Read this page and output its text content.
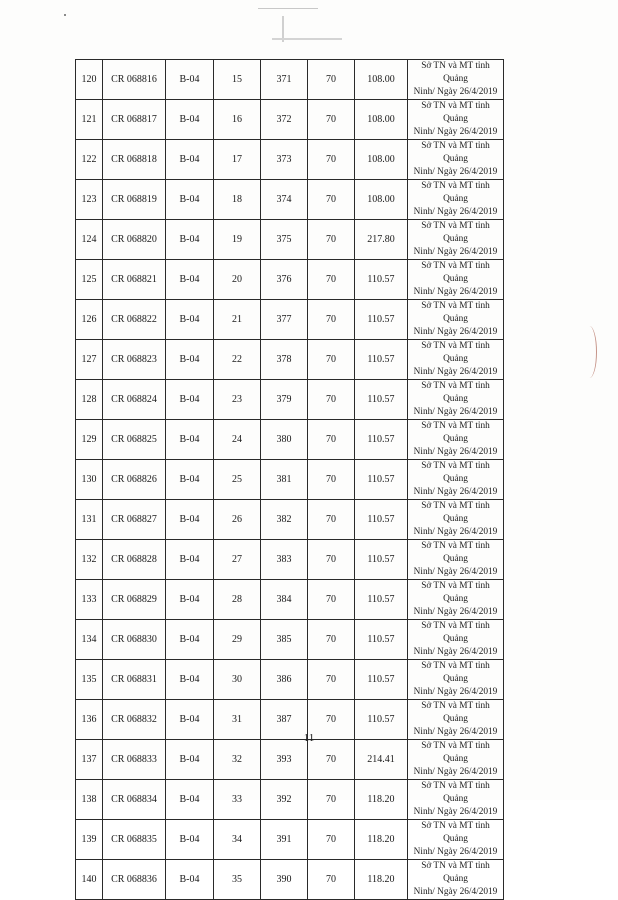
120	CR 068816	B-04	15	371	70	108.00	Sở TN và MT tỉnh Quảng
Ninh/ Ngày 26/4/2019

121	CR 068817	B-04	16	372	70	108.00	Sở TN và MT tỉnh Quảng
Ninh/ Ngày 26/4/2019

122	CR 068818	B-04	17	373	70	108.00	Sở TN và MT tỉnh Quảng
Ninh/ Ngày 26/4/2019

123	CR 068819	B-04	18	374	70	108.00	Sở TN và MT tỉnh Quảng
Ninh/ Ngày 26/4/2019

124	CR 068820	B-04	19	375	70	217.80	Sở TN và MT tỉnh Quảng
Ninh/ Ngày 26/4/2019

125	CR 068821	B-04	20	376	70	110.57	Sở TN và MT tỉnh Quảng
Ninh/ Ngày 26/4/2019

126	CR 068822	B-04	21	377	70	110.57	Sở TN và MT tỉnh Quảng
Ninh/ Ngày 26/4/2019

127	CR 068823	B-04	22	378	70	110.57	Sở TN và MT tỉnh Quảng
Ninh/ Ngày 26/4/2019

128	CR 068824	B-04	23	379	70	110.57	Sở TN và MT tỉnh Quảng
Ninh/ Ngày 26/4/2019

129	CR 068825	B-04	24	380	70	110.57	Sở TN và MT tỉnh Quảng
Ninh/ Ngày 26/4/2019

130	CR 068826	B-04	25	381	70	110.57	Sở TN và MT tỉnh Quảng
Ninh/ Ngày 26/4/2019

131	CR 068827	B-04	26	382	70	110.57	Sở TN và MT tỉnh Quảng
Ninh/ Ngày 26/4/2019

132	CR 068828	B-04	27	383	70	110.57	Sở TN và MT tỉnh Quảng
Ninh/ Ngày 26/4/2019

133	CR 068829	B-04	28	384	70	110.57	Sở TN và MT tỉnh Quảng
Ninh/ Ngày 26/4/2019

134	CR 068830	B-04	29	385	70	110.57	Sở TN và MT tỉnh Quảng
Ninh/ Ngày 26/4/2019

135	CR 068831	B-04	30	386	70	110.57	Sở TN và MT tỉnh Quảng
Ninh/ Ngày 26/4/2019

136	CR 068832	B-04	31	387	70	110.57	Sở TN và MT tỉnh Quảng
Ninh/ Ngày 26/4/2019

137	CR 068833	B-04	32	393	70	214.41	Sở TN và MT tỉnh Quảng
Ninh/ Ngày 26/4/2019

138	CR 068834	B-04	33	392	70	118.20	Sở TN và MT tỉnh Quảng
Ninh/ Ngày 26/4/2019

139	CR 068835	B-04	34	391	70	118.20	Sở TN và MT tỉnh Quảng
Ninh/ Ngày 26/4/2019

140	CR 068836	B-04	35	390	70	118.20	Sở TN và MT tỉnh Quảng
Ninh/ Ngày 26/4/2019
11
